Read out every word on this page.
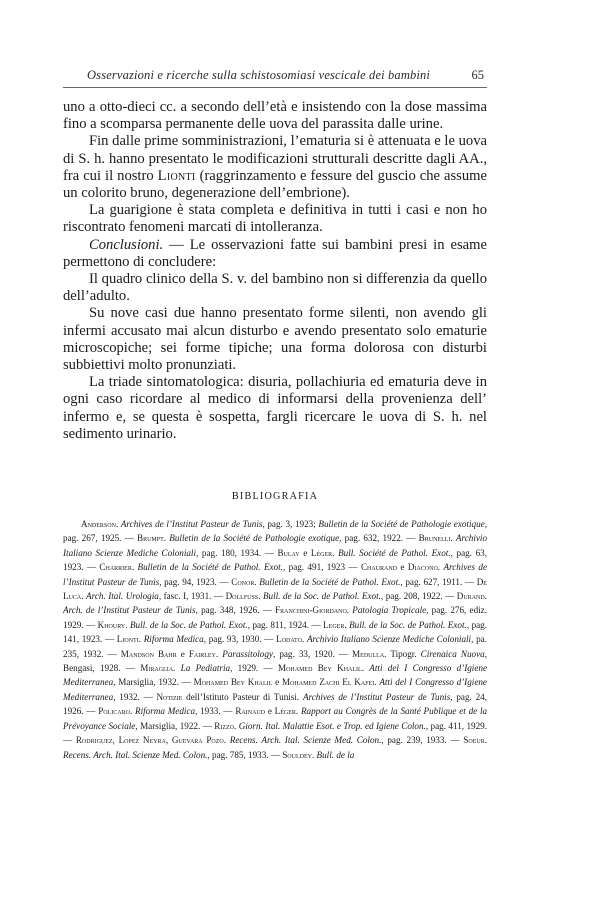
Osservazioni e ricerche sulla schistosomiasi vescicale dei bambini	65

uno a otto-dieci cc. a secondo dell’età e insistendo con la dose massima fino a scomparsa permanente delle uova del parassita dalle urine.

Fin dalle prime somministrazioni, l’ematuria si è attenuata e le uova di S. h. hanno presentato le modificazioni strutturali descritte dagli AA., fra cui il nostro Lionti (raggrinzamento e fessure del guscio che assume un colorito bruno, degenerazione dell’embrione).

La guarigione è stata completa e definitiva in tutti i casi e non ho riscontrato fenomeni marcati di intolleranza.

Conclusioni. — Le osservazioni fatte sui bambini presi in esame permettono di concludere:

Il quadro clinico della S. v. del bambino non si differenzia da quello dell’adulto.

Su nove casi due hanno presentato forme silenti, non avendo gli infermi accusato mai alcun disturbo e avendo presentato solo ematurie microscopiche; sei forme tipiche; una forma dolorosa con disturbi subbiettivi molto pronunziati.

La triade sintomatologica: disuria, pollachiuria ed ematuria deve in ogni caso ricordare al medico di informarsi della provenienza dell’ infermo e, se questa è sospetta, fargli ricercare le uova di S. h. nel sedimento urinario.

BIBLIOGRAFIA
Anderson. Archives de l’Institut Pasteur de Tunis, pag. 3, 1923; Bulletin de la Société de Pathologie exotique, pag. 267, 1925. — Brumpt. Bulletin de la Société de Pathologie exotique, pag. 632, 1922. — Brunelli. Archivio Italiano Scienze Mediche Coloniali, pag. 180, 1934. — Bulay e Léger. Bull. Société de Pathol. Exot., pag. 63, 1923. — Charrier. Bulletin de la Société de Pathol. Exot., pag. 491, 1923 — Chaurand e Diacono. Archives de l’Institut Pasteur de Tunis, pag. 94, 1923. — Conor. Bulletin de la Société de Pathol. Exot., pag. 627, 1911. — De Luca. Arch. Ital. Urologia, fasc. I, 1931. — Dollfuss. Bull. de la Soc. de Pathol. Exot., pag. 208, 1922. — Durand. Arch. de l’Institut Pasteur de Tunis, pag. 348, 1926. — Franchini-Giordano. Patologia Tropicale, pag. 276, ediz. 1929. — Khoury. Bull. de la Soc. de Pathol. Exot., pag. 811, 1924. — Leger. Bull. de la Soc. de Pathol. Exot., pag. 141, 1923. — Lionti. Riforma Medica, pag. 93, 1930. — Lodato. Archivio Italiano Scienze Mediche Coloniali, pa. 235, 1932. — Mandson Bahr e Fairley. Parassitology, pag. 33, 1920. — Medulla. Tipogr. Cirenaica Nuova, Bengasi, 1928. — Miraglia. La Pediatria, 1929. — Mohamed Bey Khalil. Atti del I Congresso d’Igiene Mediterranea, Marsiglia, 1932. — Mohamed Bey Khalil e Mohamed Zachi El Kafei. Atti del I Congresso d’Igiene Mediterranea, 1932. — Notizie dell’Istituto Pasteur di Tunisi. Archives de l’Institut Pasteur de Tunis, pag. 24, 1926. — Policaro. Riforma Medica, 1933. — Rainaud e Léger. Rapport au Congrès de la Santé Publique et de la Prévoyance Sociale, Marsiglia, 1922. — Rizzo. Giorn. Ital. Malattie Esot. e Trop. ed Igiene Colon., pag. 411, 1929. — Rodriguez, Lopez Neyra, Guevara Pozo. Recens. Arch. Ital. Scienze Med. Colon., pag. 239, 1933. — Soeur. Recens. Arch. Ital. Scienze Med. Colon., pag. 785, 1933. — Souldey. Bull. de la
